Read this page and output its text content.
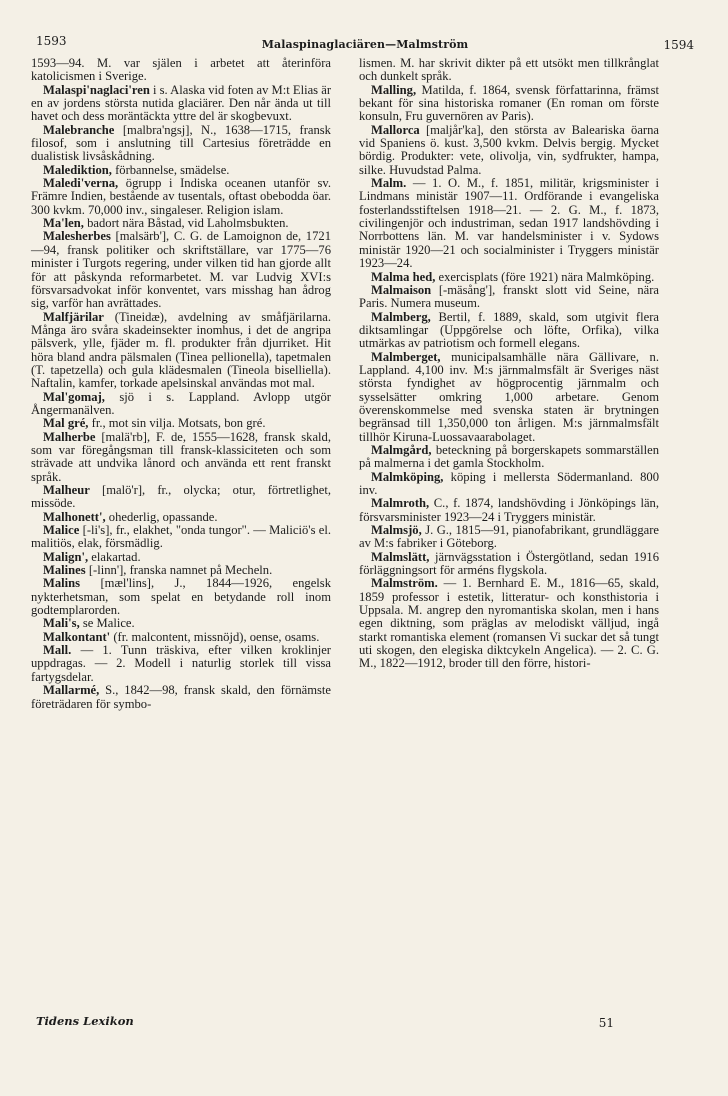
1593	Malaspinaglaciären—Malmström	1594

1593—94. M. var själen i arbetet att återinföra katolicismen i Sverige.

Malaspi'naglaci'ren i s. Alaska vid foten av M:t Elias är en av jordens största nutida glaciärer. Den når ända ut till havet och dess moräntäckta yttre del är skogbevuxt.

Malebranche [malbra'ngsj], N., 1638—1715, fransk filosof, som i anslutning till Cartesius företrädde en dualistisk livsåskådning.

Malediktion, förbannelse, smädelse.

Maledi'verna, ögrupp i Indiska oceanen utanför sv. Främre Indien, bestående av tusentals, oftast obebodda öar. 300 kvkm. 70,000 inv., singaleser. Religion islam.

Ma'len, badort nära Båstad, vid Laholmsbukten.

Malesherbes [malsärb'], C. G. de Lamoignon de, 1721—94, fransk politiker och skriftställare, var 1775—76 minister i Turgots regering, under vilken tid han gjorde allt för att påskynda reformarbetet. M. var Ludvig XVI:s försvarsadvokat inför konventet, vars misshag han ådrog sig, varför han avrättades.

Malfjärilar (Tineidæ), avdelning av småfjärilarna. Många äro svåra skadeinsekter inomhus, i det de angripa pälsverk, ylle, fjäder m. fl. produkter från djurriket. Hit höra bland andra pälsmalen (Tinea pellionella), tapetmalen (T. tapetzella) och gula klädesmalen (Tineola biselliella). Naftalin, kamfer, torkade apelsinskal användas mot mal.

Mal'gomaj, sjö i s. Lappland. Avlopp utgör Ångermanälven.

Mal gré, fr., mot sin vilja. Motsats, bon gré.

Malherbe [malä'rb], F. de, 1555—1628, fransk skald, som var föregångsman till fransk-klassiciteten och som strävade att undvika lånord och använda ett rent franskt språk.

Malheur [malö'r], fr., olycka; otur, förtretlighet, missöde.

Malhonett', ohederlig, opassande.

Malice [-li's], fr., elakhet, "onda tungor". — Maliciö's el. malitiös, elak, försmädlig.

Malign', elakartad.

Malines [-linn'], franska namnet på Mecheln.

Malins [mæl'lins], J., 1844—1926, engelsk nykterhetsman, som spelat en betydande roll inom godtemplarorden.

Mali's, se Malice.

Malkontant' (fr. malcontent, missnöjd), oense, osams.

Mall. — 1. Tunn träskiva, efter vilken kroklinjer uppdragas. — 2. Modell i naturlig storlek till vissa fartygsdelar.

Mallarmé, S., 1842—98, fransk skald, den förnämste företrädaren för symbo-

lismen. M. har skrivit dikter på ett utsökt men tillkrånglat och dunkelt språk.

Malling, Matilda, f. 1864, svensk författarinna, främst bekant för sina historiska romaner (En roman om förste konsuln, Fru guvernören av Paris).

Mallorca [maljår'ka], den största av Baleariska öarna vid Spaniens ö. kust. 3,500 kvkm. Delvis bergig. Mycket bördig. Produkter: vete, olivolja, vin, sydfrukter, hampa, silke. Huvudstad Palma.

Malm. — 1. O. M., f. 1851, militär, krigsminister i Lindmans ministär 1907—11. Ordförande i evangeliska fosterlandsstiftelsen 1918—21. — 2. G. M., f. 1873, civilingenjör och industriman, sedan 1917 landshövding i Norrbottens län. M. var handelsminister i v. Sydows ministär 1920—21 och socialminister i Tryggers ministär 1923—24.

Malma hed, exercisplats (före 1921) nära Malmköping.

Malmaison [-mäsång'], franskt slott vid Seine, nära Paris. Numera museum.

Malmberg, Bertil, f. 1889, skald, som utgivit flera diktsamlingar (Uppgörelse och löfte, Orfika), vilka utmärkas av patriotism och formell elegans.

Malmberget, municipalsamhälle nära Gällivare, n. Lappland. 4,100 inv. M:s järnmalmsfält är Sveriges näst största fyndighet av högprocentig järnmalm och sysselsätter omkring 1,000 arbetare. Genom överenskommelse med svenska staten är brytningen begränsad till 1,350,000 ton årligen. M:s järnmalmsfält tillhör Kiruna-Luossavaarabolaget.

Malmgård, beteckning på borgerskapets sommarställen på malmerna i det gamla Stockholm.

Malmköping, köping i mellersta Södermanland. 800 inv.

Malmroth, C., f. 1874, landshövding i Jönköpings län, försvarsminister 1923—24 i Tryggers ministär.

Malmsjö, J. G., 1815—91, pianofabrikant, grundläggare av M:s fabriker i Göteborg.

Malmslätt, järnvägsstation i Östergötland, sedan 1916 förläggningsort för arméns flygskola.

Malmström. — 1. Bernhard E. M., 1816—65, skald, 1859 professor i estetik, litteratur- och konsthistoria i Uppsala. M. angrep den nyromantiska skolan, men i hans egen diktning, som präglas av melodiskt välljud, ingå starkt romantiska element (romansen Vi suckar det så tungt uti skogen, den elegiska diktcykeln Angelica). — 2. C. G. M., 1822—1912, broder till den förre, histori-

Tidens Lexikon	51
